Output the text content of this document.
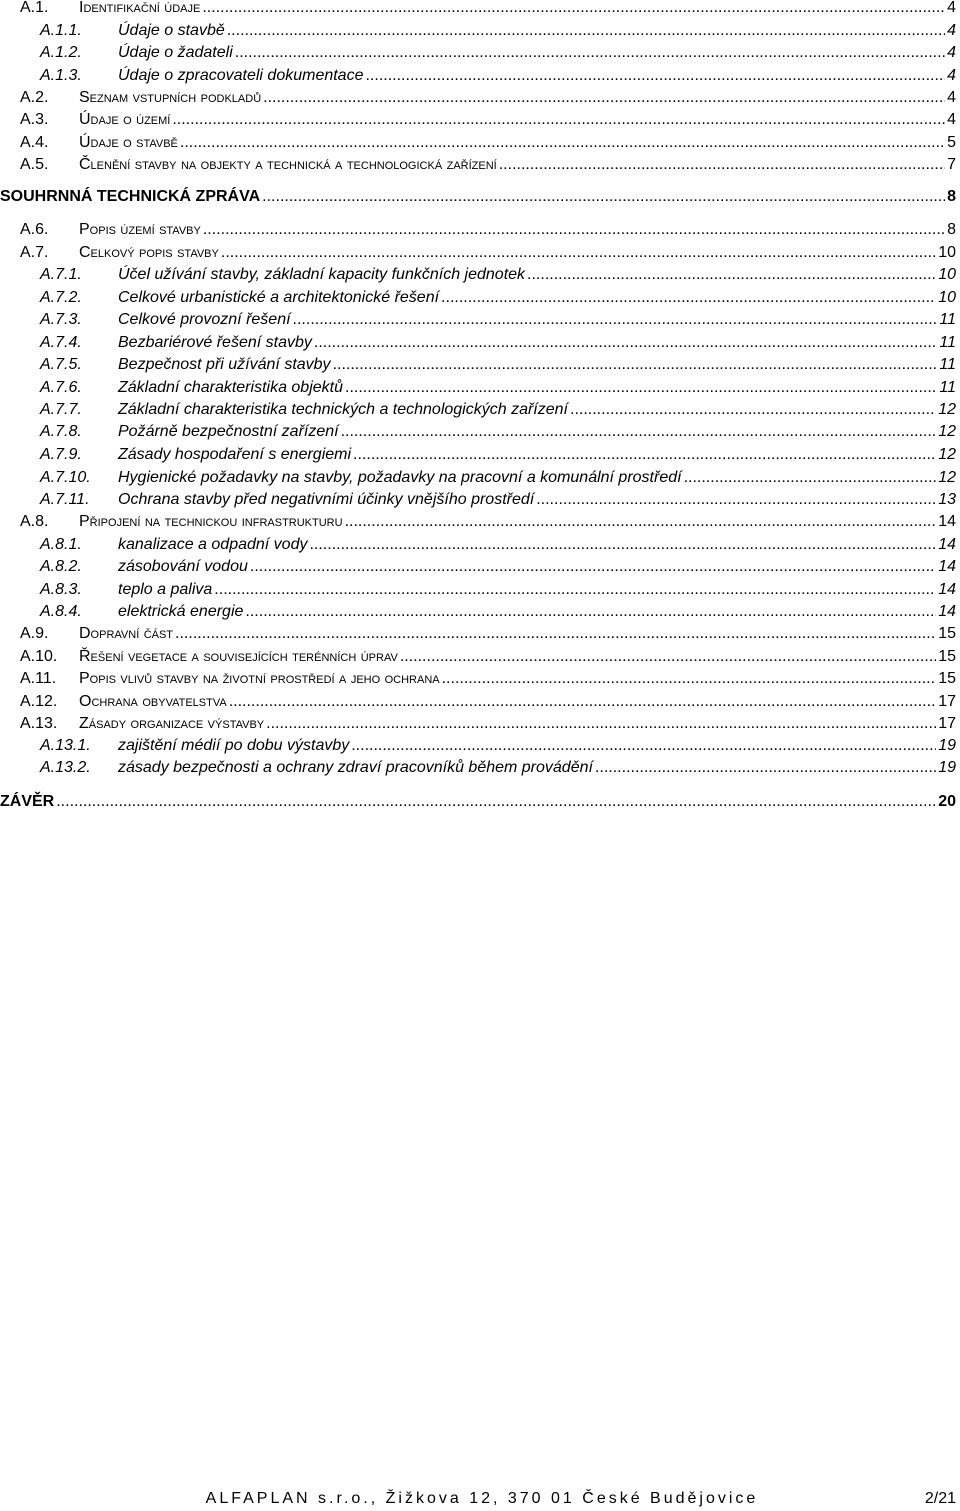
A.1.	Identifikační údaje .....	4
A.1.1.	Údaje o stavbě .....	4
A.1.2.	Údaje o žadateli .....	4
A.1.3.	Údaje o zpracovateli dokumentace .....	4
A.2.	Seznam vstupních podkladů .....	4
A.3.	Údaje o území .....	4
A.4.	Údaje o stavbě .....	5
A.5.	Členění stavby na objekty a technická a technologická zařízení .....	7
SOUHRNNÁ TECHNICKÁ ZPRÁVA .....	8
A.6.	Popis území stavby .....	8
A.7.	Celkový popis stavby .....	10
A.7.1.	Účel užívání stavby, základní kapacity funkčních jednotek .....	10
A.7.2.	Celkové urbanistické a architektonické řešení .....	10
A.7.3.	Celkové provozní řešení .....	11
A.7.4.	Bezbariérové řešení stavby .....	11
A.7.5.	Bezpečnost při užívání stavby .....	11
A.7.6.	Základní charakteristika objektů .....	11
A.7.7.	Základní charakteristika technických a technologických zařízení .....	12
A.7.8.	Požárně bezpečnostní zařízení .....	12
A.7.9.	Zásady hospodaření s energiemi .....	12
A.7.10.	Hygienické požadavky na stavby, požadavky na pracovní a komunální prostředí .....	12
A.7.11.	Ochrana stavby před negativními účinky vnějšího prostředí .....	13
A.8.	Připojení na technickou infrastrukturu .....	14
A.8.1.	kanalizace a odpadní vody .....	14
A.8.2.	zásobování vodou .....	14
A.8.3.	teplo a paliva .....	14
A.8.4.	elektrická energie .....	14
A.9.	Dopravní část .....	15
A.10.	Řešení vegetace a souvisejících terénních úprav .....	15
A.11.	Popis vlivů stavby na životní prostředí a jeho ochrana .....	15
A.12.	Ochrana obyvatelstva .....	17
A.13.	Zásady organizace výstavby .....	17
A.13.1.	zajištění médií po dobu výstavby .....	19
A.13.2.	zásady bezpečnosti a ochrany zdraví pracovníků během provádění .....	19
ZÁVĚR .....	20
ALFAPLAN s.r.o., Žižkova 12, 370 01 České Budějovice	2/21
